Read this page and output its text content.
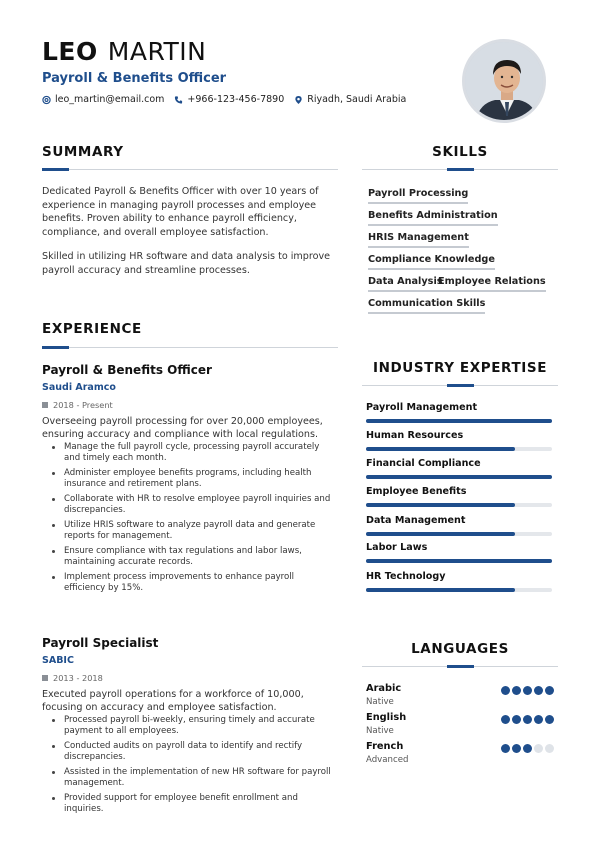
LEO MARTIN
Payroll & Benefits Officer
leo_martin@email.com +966-123-456-7890 Riyadh, Saudi Arabia
SUMMARY

Dedicated Payroll & Benefits Officer with over 10 years of experience in managing payroll processes and employee benefits. Proven ability to enhance payroll efficiency, compliance, and overall employee satisfaction.

Skilled in utilizing HR software and data analysis to improve payroll accuracy and streamline processes.

EXPERIENCE
Payroll & Benefits Officer
Saudi Aramco
2018 - Present
Overseeing payroll processing for over 20,000 employees, ensuring accuracy and compliance with local regulations.
Manage the full payroll cycle, processing payroll accurately and timely each month.
Administer employee benefits programs, including health insurance and retirement plans.
Collaborate with HR to resolve employee payroll inquiries and discrepancies.
Utilize HRIS software to analyze payroll data and generate reports for management.
Ensure compliance with tax regulations and labor laws, maintaining accurate records.
Implement process improvements to enhance payroll efficiency by 15%.
Payroll Specialist
SABIC
2013 - 2018
Executed payroll operations for a workforce of 10,000, focusing on accuracy and employee satisfaction.
Processed payroll bi-weekly, ensuring timely and accurate payment to all employees.
Conducted audits on payroll data to identify and rectify discrepancies.
Assisted in the implementation of new HR software for payroll management.
Provided support for employee benefit enrollment and inquiries.
SKILLS
Payroll Processing
Benefits Administration
HRIS Management
Compliance Knowledge
Data Analysis
Employee Relations
Communication Skills
INDUSTRY EXPERTISE
Payroll Management
Human Resources
Financial Compliance
Employee Benefits
Data Management
Labor Laws
HR Technology
LANGUAGES
Arabic
Native
English
Native
French
Advanced
